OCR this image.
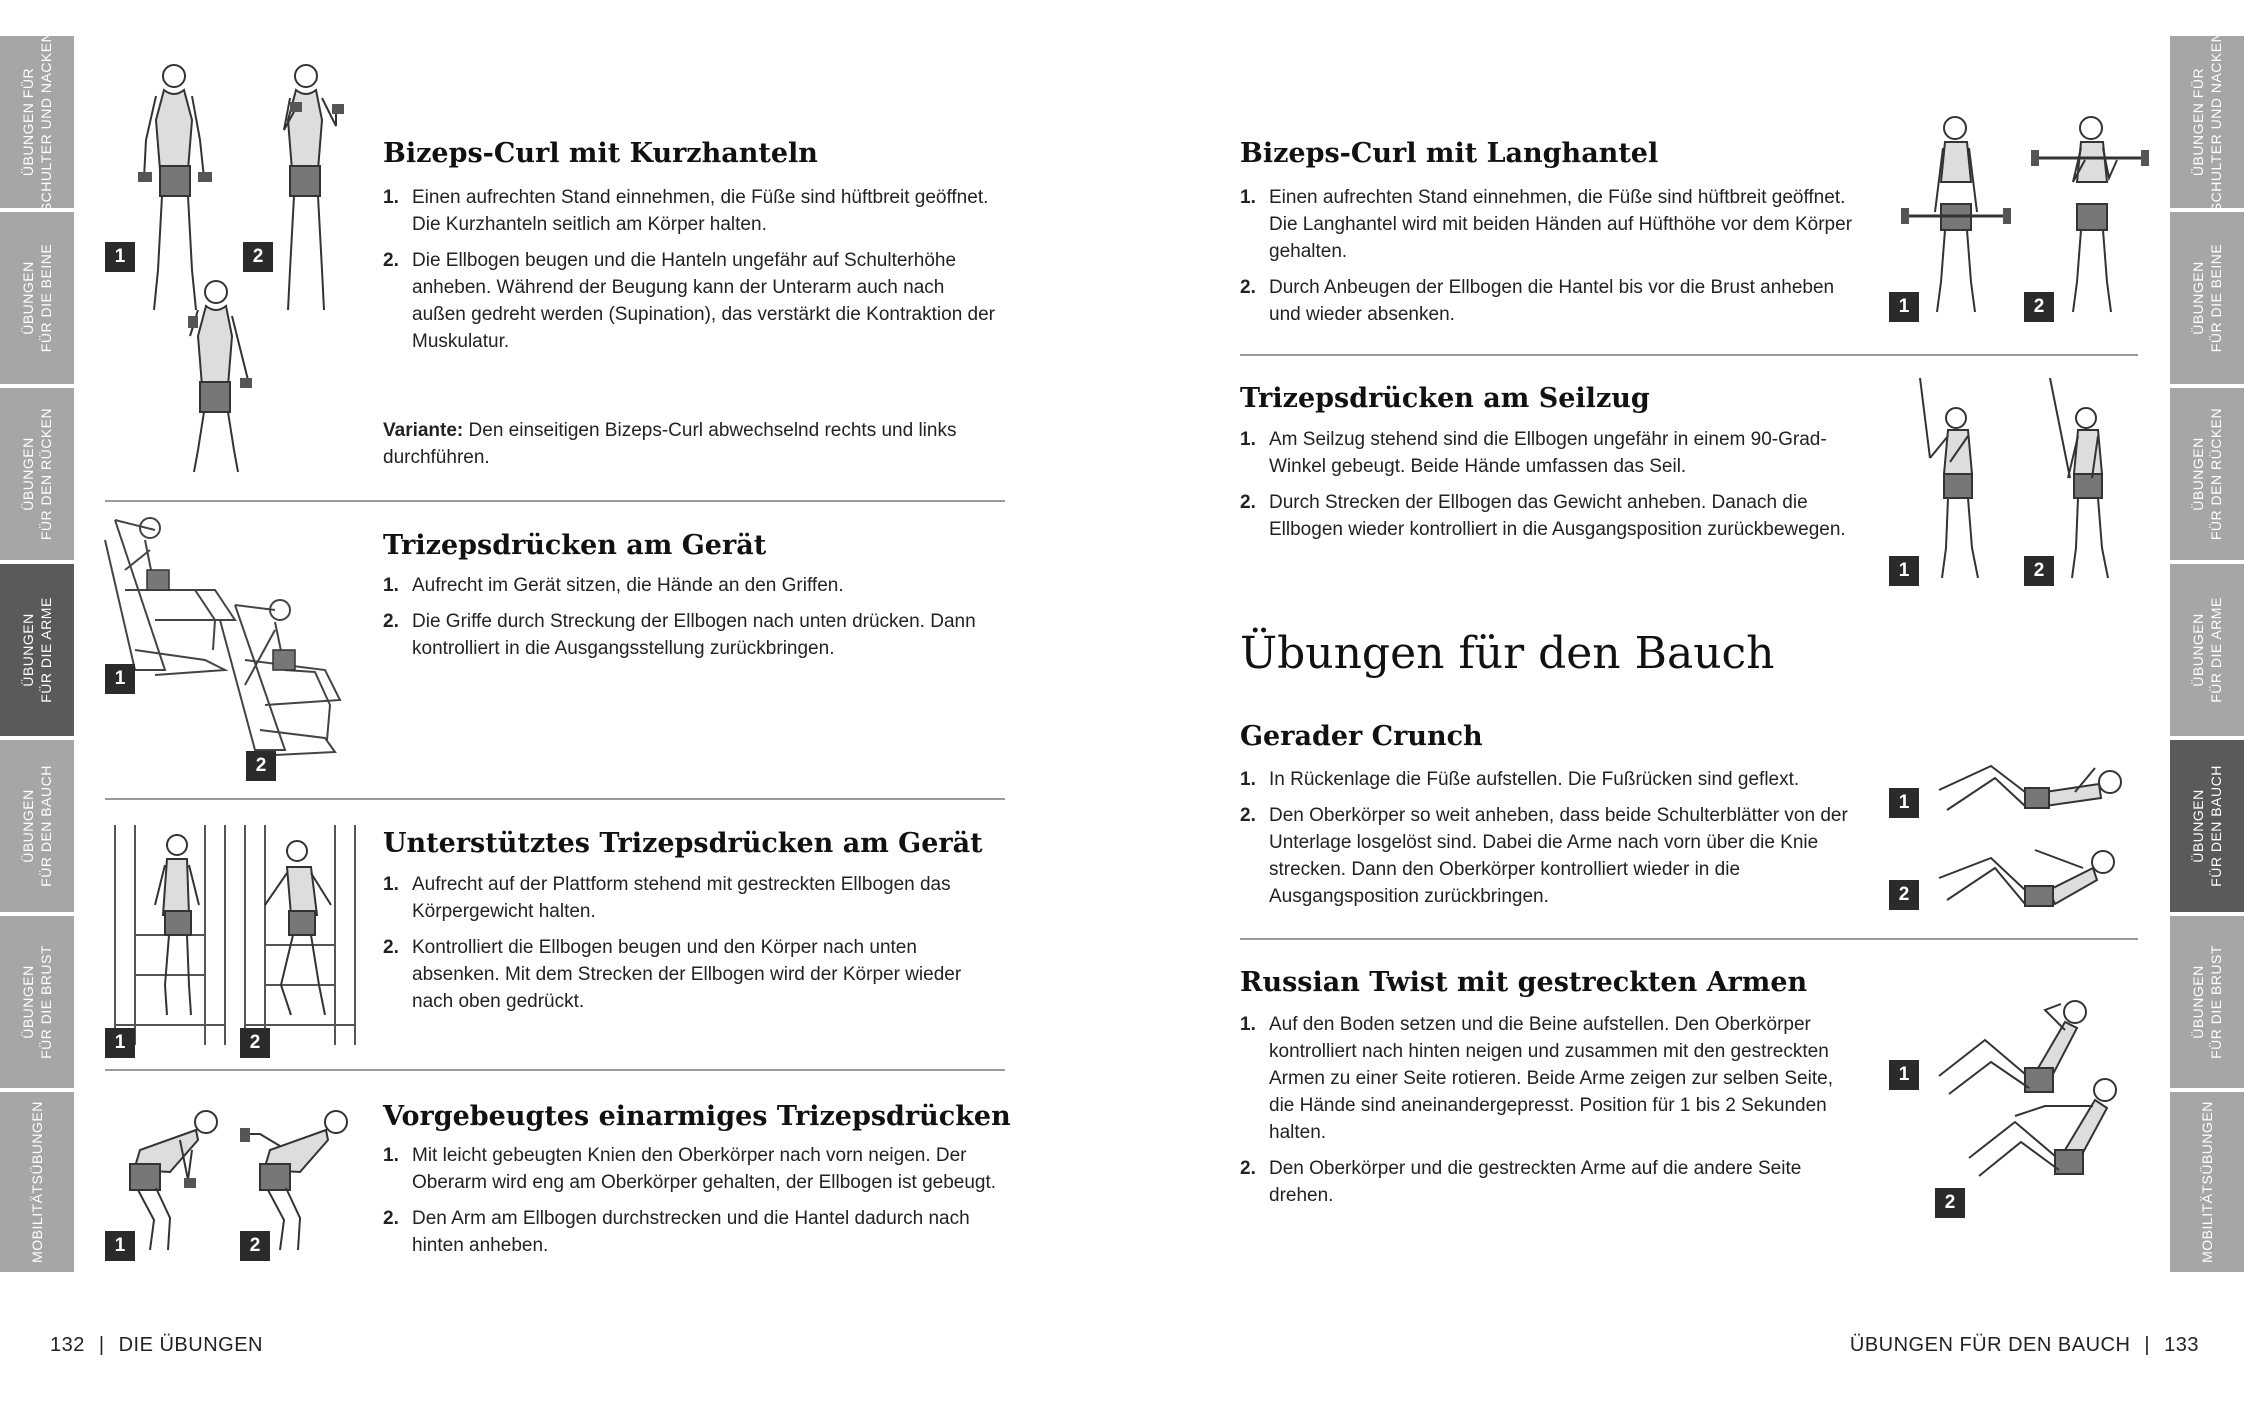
ÜBUNGEN FÜR SCHULTER UND NACKEN
ÜBUNGEN FÜR DIE BEINE
ÜBUNGEN FÜR DEN RÜCKEN
ÜBUNGEN FÜR DIE ARME
ÜBUNGEN FÜR DEN BAUCH
ÜBUNGEN FÜR DIE BRUST
MOBILITÄTSÜBUNGEN
ÜBUNGEN FÜR SCHULTER UND NACKEN
ÜBUNGEN FÜR DIE BEINE
ÜBUNGEN FÜR DEN RÜCKEN
ÜBUNGEN FÜR DIE ARME
ÜBUNGEN FÜR DEN BAUCH
ÜBUNGEN FÜR DIE BRUST
MOBILITÄTSÜBUNGEN
1	2
Bizeps-Curl mit Kurzhanteln
1. Einen aufrechten Stand einnehmen, die Füße sind hüftbreit geöffnet. Die Kurzhanteln seitlich am Körper halten.
2. Die Ellbogen beugen und die Hanteln ungefähr auf Schulterhöhe anheben. Während der Beugung kann der Unterarm auch nach außen gedreht werden (Supination), das verstärkt die Kontraktion der Muskulatur.
Variante: Den einseitigen Bizeps-Curl abwechselnd rechts und links durchführen.
1
2
Trizepsdrücken am Gerät
1. Aufrecht im Gerät sitzen, die Hände an den Griffen.
2. Die Griffe durch Streckung der Ellbogen nach unten drücken. Dann kontrolliert in die Ausgangsstellung zurückbringen.
1	2
Unterstütztes Trizepsdrücken am Gerät
1. Aufrecht auf der Plattform stehend mit gestreckten Ellbogen das Körpergewicht halten.
2. Kontrolliert die Ellbogen beugen und den Körper nach unten absenken. Mit dem Strecken der Ellbogen wird der Körper wieder nach oben gedrückt.
1	2
Vorgebeugtes einarmiges Trizepsdrücken
1. Mit leicht gebeugten Knien den Oberkörper nach vorn neigen. Der Oberarm wird eng am Oberkörper gehalten, der Ellbogen ist gebeugt.
2. Den Arm am Ellbogen durchstrecken und die Hantel dadurch nach hinten anheben.
132 | DIE ÜBUNGEN
Bizeps-Curl mit Langhantel
1. Einen aufrechten Stand einnehmen, die Füße sind hüftbreit geöffnet. Die Langhantel wird mit beiden Händen auf Hüfthöhe vor dem Körper gehalten.
2. Durch Anbeugen der Ellbogen die Hantel bis vor die Brust anheben und wieder absenken.	1	2
Trizepsdrücken am Seilzug
1. Am Seilzug stehend sind die Ellbogen ungefähr in einem 90-Grad-Winkel gebeugt. Beide Hände umfassen das Seil.
2. Durch Strecken der Ellbogen das Gewicht anheben. Danach die Ellbogen wieder kontrolliert in die Ausgangsposition zurückbewegen.
1	2
Übungen für den Bauch
Gerader Crunch
1. In Rückenlage die Füße aufstellen. Die Fußrücken sind geflext.
2. Den Oberkörper so weit anheben, dass beide Schulterblätter von der Unterlage losgelöst sind. Dabei die Arme nach vorn über die Knie strecken. Dann den Oberkörper kontrolliert wieder in die Ausgangsposition zurückbringen.
1
2
Russian Twist mit gestreckten Armen
1. Auf den Boden setzen und die Beine aufstellen. Den Oberkörper kontrolliert nach hinten neigen und zusammen mit den gestreckten Armen zu einer Seite rotieren. Beide Arme zeigen zur selben Seite, die Hände sind aneinandergepresst. Position für 1 bis 2 Sekunden halten.
2. Den Oberkörper und die gestreckten Arme auf die andere Seite drehen.
1
2
ÜBUNGEN FÜR DEN BAUCH | 133
